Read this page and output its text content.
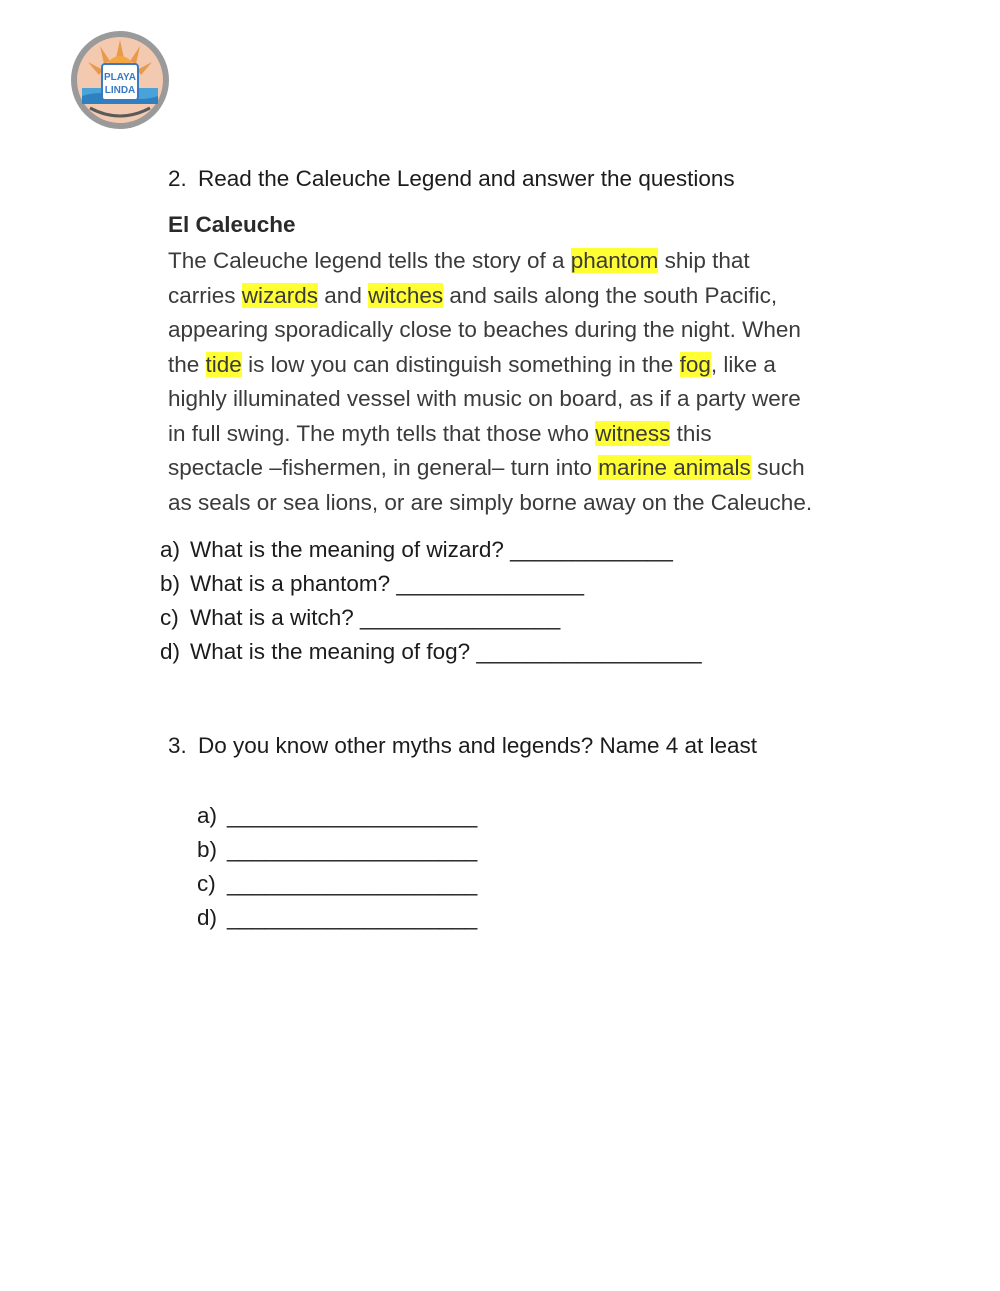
PLAYA
LINDA
2. Read the Caleuche Legend and answer the questions
El Caleuche
The Caleuche legend tells the story of a phantom ship that
carries wizards and witches and sails along the south Pacific,
appearing sporadically close to beaches during the night. When
the tide is low you can distinguish something in the fog, like a
highly illuminated vessel with music on board, as if a party were
in full swing. The myth tells that those who witness this
spectacle –fishermen, in general– turn into marine animals such
as seals or sea lions, or are simply borne away on the Caleuche.
a) What is the meaning of wizard? _____________
b) What is a phantom? _______________
c) What is a witch? ________________
d) What is the meaning of fog? __________________
3. Do you know other myths and legends? Name 4 at least
a) ____________________
b) ____________________
c) ____________________
d) ____________________
